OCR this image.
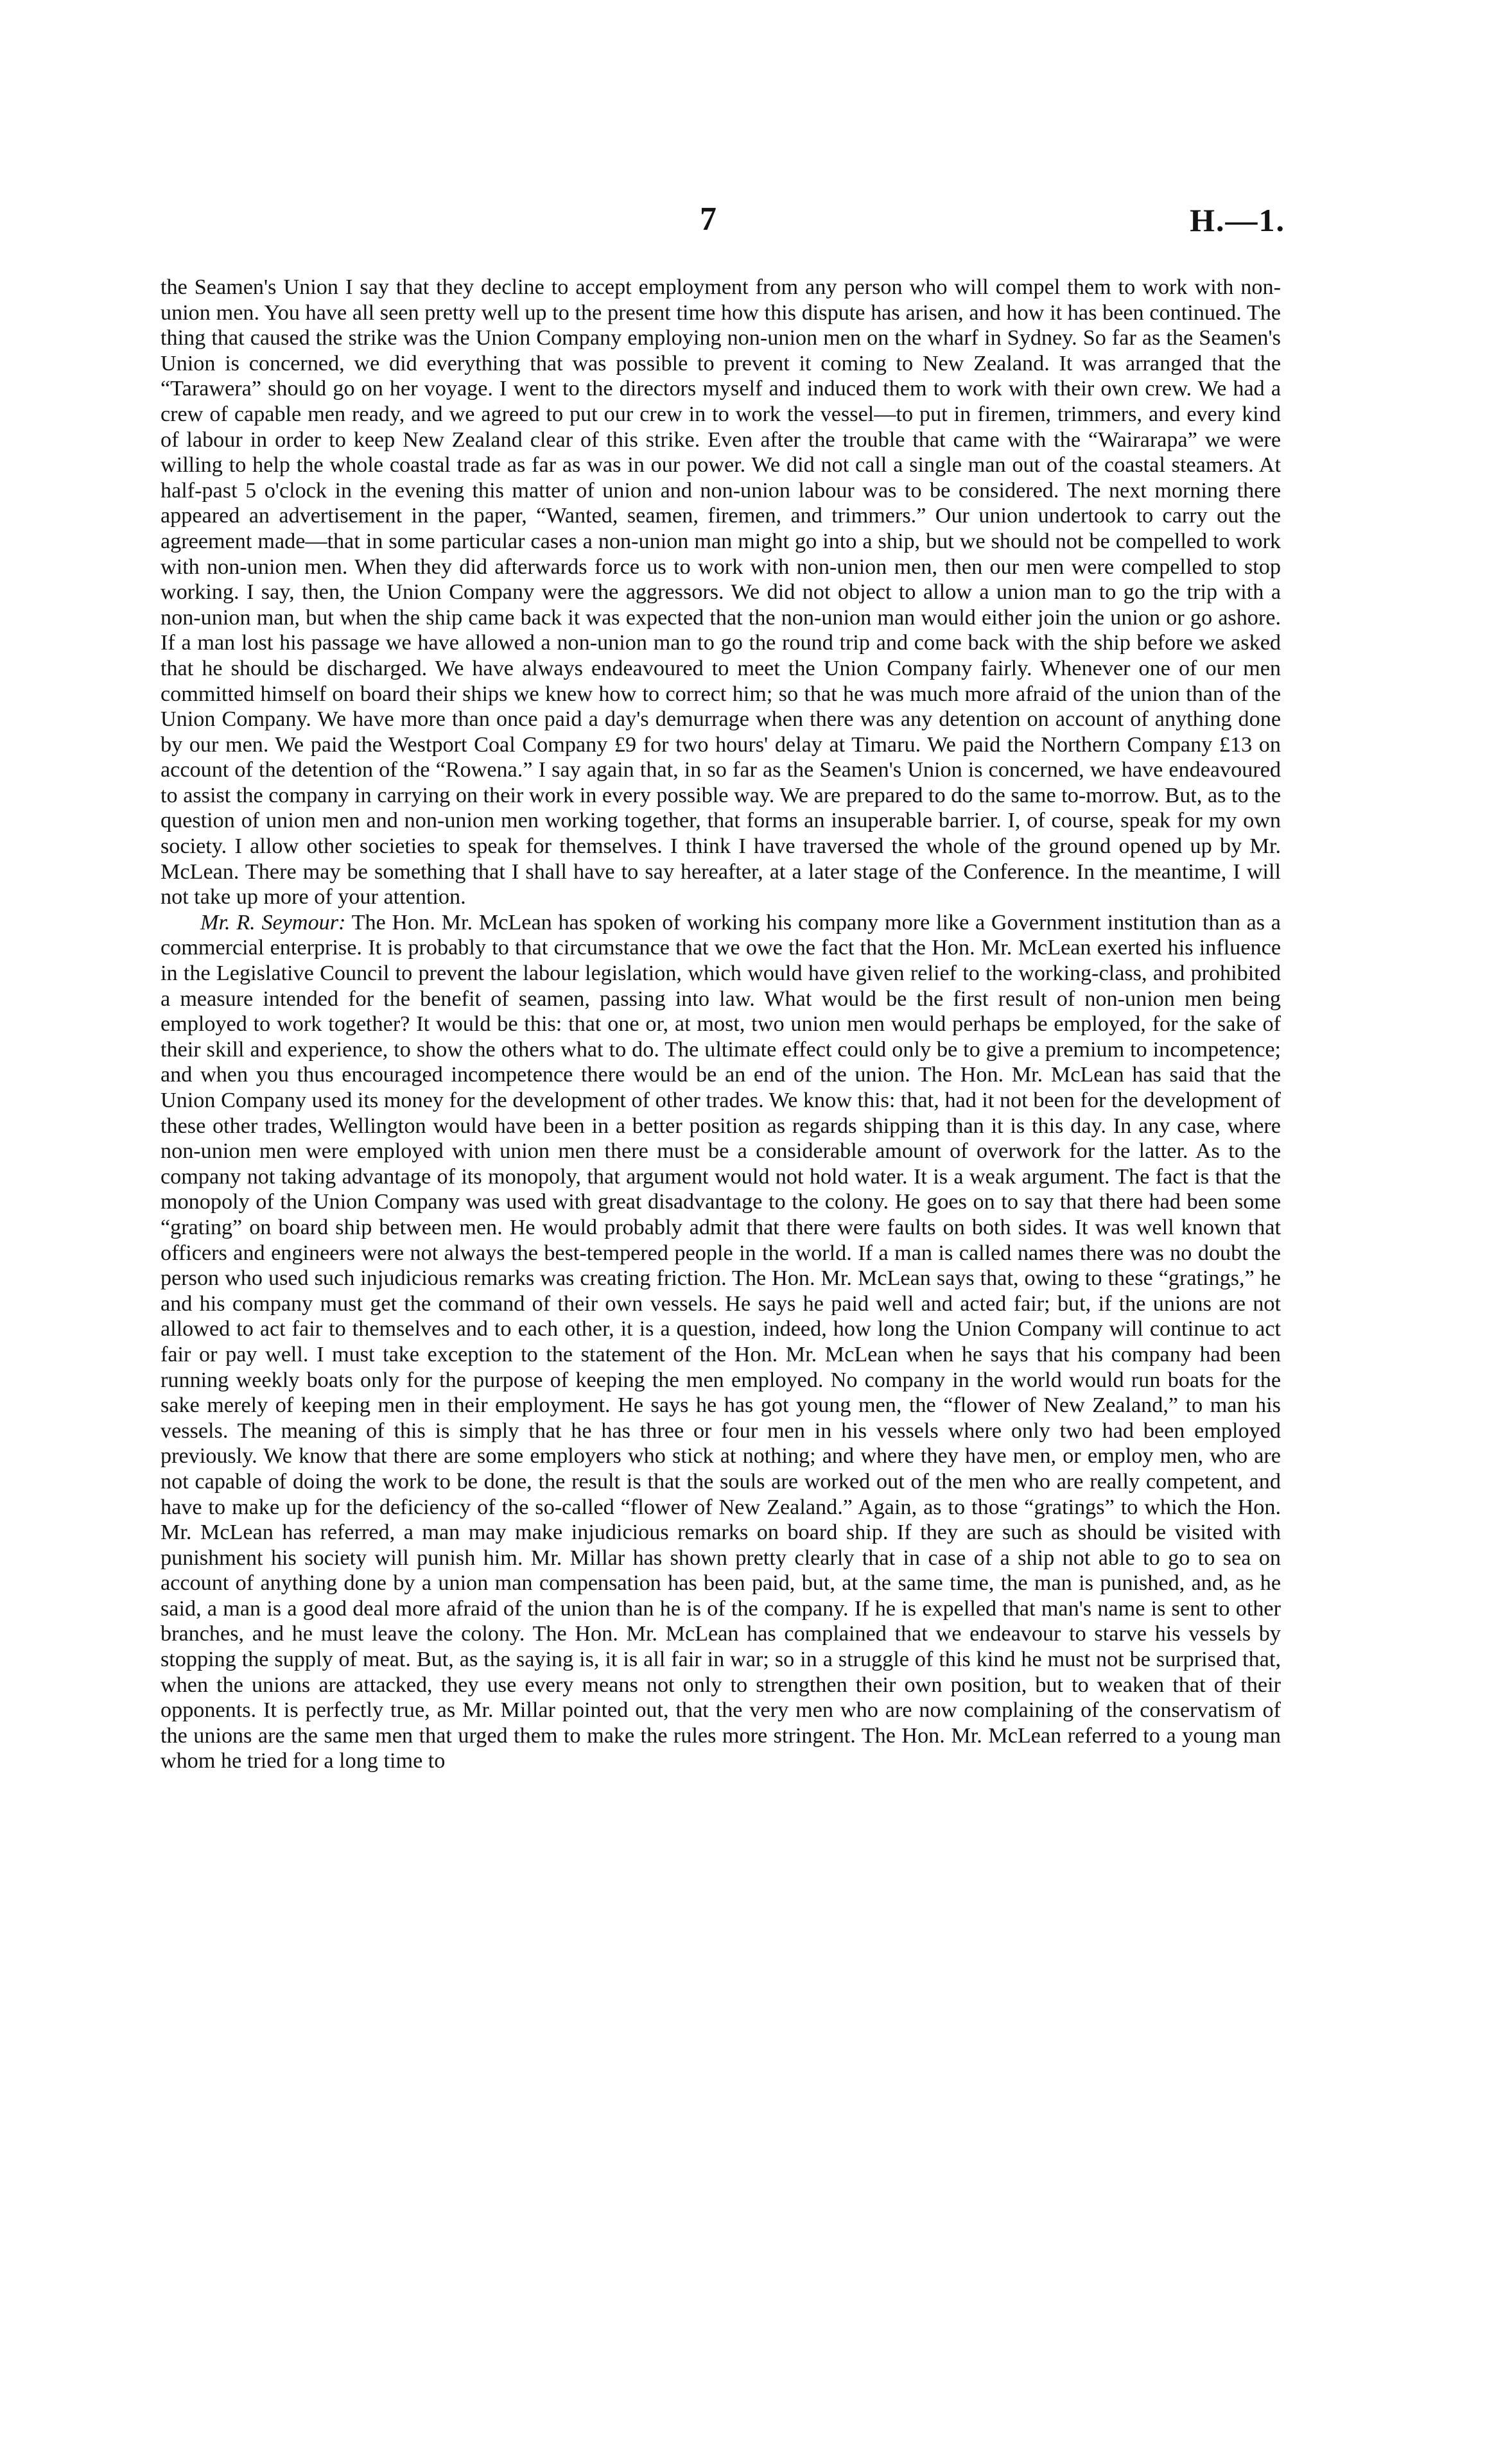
7	H.—1.

the Seamen's Union I say that they decline to accept employment from any person who will compel them to work with non-union men. You have all seen pretty well up to the present time how this dispute has arisen, and how it has been continued. The thing that caused the strike was the Union Company employing non-union men on the wharf in Sydney. So far as the Seamen's Union is concerned, we did everything that was possible to prevent it coming to New Zealand. It was arranged that the “Tarawera” should go on her voyage. I went to the directors myself and induced them to work with their own crew. We had a crew of capable men ready, and we agreed to put our crew in to work the vessel—to put in firemen, trimmers, and every kind of labour in order to keep New Zealand clear of this strike. Even after the trouble that came with the “Wairarapa” we were willing to help the whole coastal trade as far as was in our power. We did not call a single man out of the coastal steamers. At half-past 5 o'clock in the evening this matter of union and non-union labour was to be considered. The next morning there appeared an advertisement in the paper, “Wanted, seamen, firemen, and trimmers.” Our union undertook to carry out the agreement made—that in some particular cases a non-union man might go into a ship, but we should not be compelled to work with non-union men. When they did afterwards force us to work with non-union men, then our men were compelled to stop working. I say, then, the Union Company were the aggressors. We did not object to allow a union man to go the trip with a non-union man, but when the ship came back it was expected that the non-union man would either join the union or go ashore. If a man lost his passage we have allowed a non-union man to go the round trip and come back with the ship before we asked that he should be discharged. We have always endeavoured to meet the Union Company fairly. Whenever one of our men committed himself on board their ships we knew how to correct him; so that he was much more afraid of the union than of the Union Company. We have more than once paid a day's demurrage when there was any detention on account of anything done by our men. We paid the Westport Coal Company £9 for two hours' delay at Timaru. We paid the Northern Company £13 on account of the detention of the “Rowena.” I say again that, in so far as the Seamen's Union is concerned, we have endeavoured to assist the company in carrying on their work in every possible way. We are prepared to do the same to-morrow. But, as to the question of union men and non-union men working together, that forms an insuperable barrier. I, of course, speak for my own society. I allow other societies to speak for themselves. I think I have traversed the whole of the ground opened up by Mr. McLean. There may be something that I shall have to say hereafter, at a later stage of the Conference. In the meantime, I will not take up more of your attention.

Mr. R. Seymour: The Hon. Mr. McLean has spoken of working his company more like a Government institution than as a commercial enterprise. It is probably to that circumstance that we owe the fact that the Hon. Mr. McLean exerted his influence in the Legislative Council to prevent the labour legislation, which would have given relief to the working-class, and prohibited a measure intended for the benefit of seamen, passing into law. What would be the first result of non-union men being employed to work together? It would be this: that one or, at most, two union men would perhaps be employed, for the sake of their skill and experience, to show the others what to do. The ultimate effect could only be to give a premium to incompetence; and when you thus encouraged incompetence there would be an end of the union. The Hon. Mr. McLean has said that the Union Company used its money for the development of other trades. We know this: that, had it not been for the development of these other trades, Wellington would have been in a better position as regards shipping than it is this day. In any case, where non-union men were employed with union men there must be a considerable amount of overwork for the latter. As to the company not taking advantage of its monopoly, that argument would not hold water. It is a weak argument. The fact is that the monopoly of the Union Company was used with great disadvantage to the colony. He goes on to say that there had been some “grating” on board ship between men. He would probably admit that there were faults on both sides. It was well known that officers and engineers were not always the best-tempered people in the world. If a man is called names there was no doubt the person who used such injudicious remarks was creating friction. The Hon. Mr. McLean says that, owing to these “gratings,” he and his company must get the command of their own vessels. He says he paid well and acted fair; but, if the unions are not allowed to act fair to themselves and to each other, it is a question, indeed, how long the Union Company will continue to act fair or pay well. I must take exception to the statement of the Hon. Mr. McLean when he says that his company had been running weekly boats only for the purpose of keeping the men employed. No company in the world would run boats for the sake merely of keeping men in their employment. He says he has got young men, the “flower of New Zealand,” to man his vessels. The meaning of this is simply that he has three or four men in his vessels where only two had been employed previously. We know that there are some employers who stick at nothing; and where they have men, or employ men, who are not capable of doing the work to be done, the result is that the souls are worked out of the men who are really competent, and have to make up for the deficiency of the so-called “flower of New Zealand.” Again, as to those “gratings” to which the Hon. Mr. McLean has referred, a man may make injudicious remarks on board ship. If they are such as should be visited with punishment his society will punish him. Mr. Millar has shown pretty clearly that in case of a ship not able to go to sea on account of anything done by a union man compensation has been paid, but, at the same time, the man is punished, and, as he said, a man is a good deal more afraid of the union than he is of the company. If he is expelled that man's name is sent to other branches, and he must leave the colony. The Hon. Mr. McLean has complained that we endeavour to starve his vessels by stopping the supply of meat. But, as the saying is, it is all fair in war; so in a struggle of this kind he must not be surprised that, when the unions are attacked, they use every means not only to strengthen their own position, but to weaken that of their opponents. It is perfectly true, as Mr. Millar pointed out, that the very men who are now complaining of the conservatism of the unions are the same men that urged them to make the rules more stringent. The Hon. Mr. McLean referred to a young man whom he tried for a long time to
